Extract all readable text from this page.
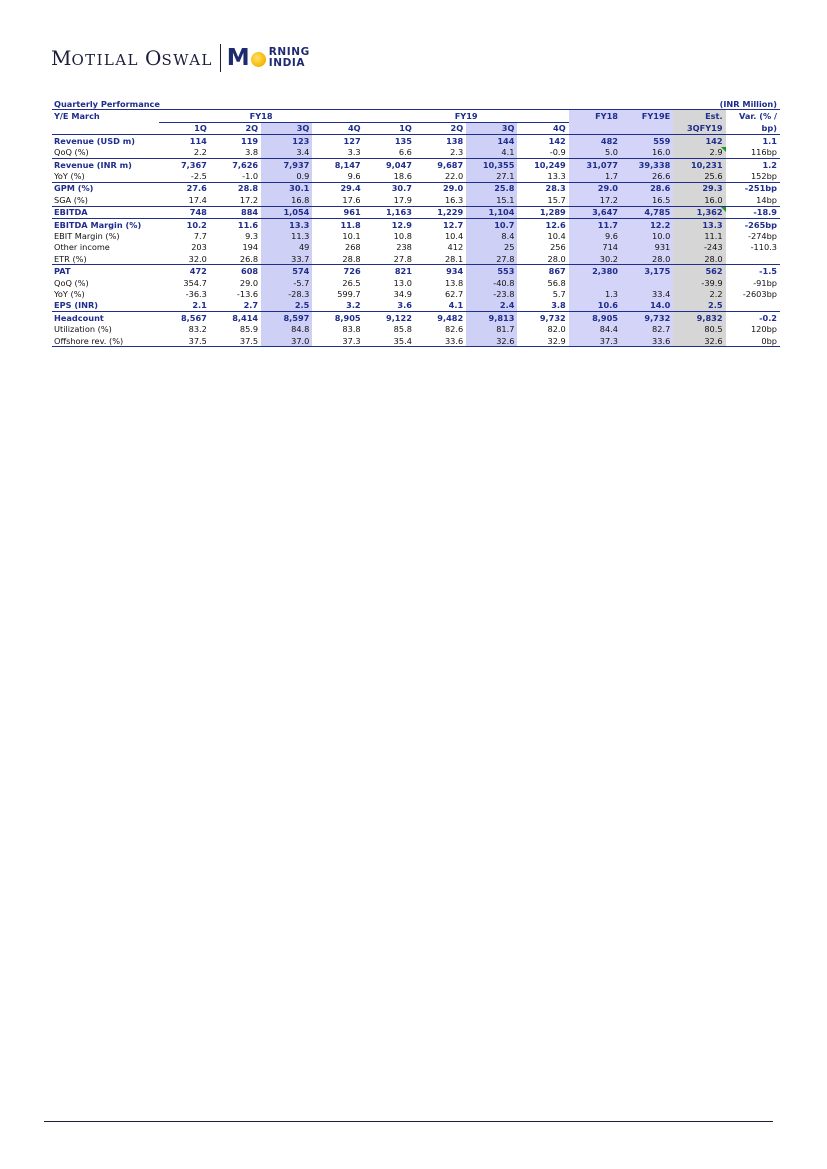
MOTILAL OSWAL M RNING
INDIA
Quarterly Performance									(INR Million)			
Y/E March	FY18				FY19				FY18	FY19E	Est.	Var. (% /
	1Q	2Q	3Q	4Q	1Q	2Q	3Q	4Q			3QFY19	bp)
Revenue (USD m)	114	119	123	127	135	138	144	142	482	559	142	1.1
QoQ (%)	2.2	3.8	3.4	3.3	6.6	2.3	4.1	-0.9	5.0	16.0	2.9	116bp
Revenue (INR m)	7,367	7,626	7,937	8,147	9,047	9,687	10,355	10,249	31,077	39,338	10,231	1.2
YoY (%)	-2.5	-1.0	0.9	9.6	18.6	22.0	27.1	13.3	1.7	26.6	25.6	152bp
GPM (%)	27.6	28.8	30.1	29.4	30.7	29.0	25.8	28.3	29.0	28.6	29.3	-251bp
SGA (%)	17.4	17.2	16.8	17.6	17.9	16.3	15.1	15.7	17.2	16.5	16.0	14bp
EBITDA	748	884	1,054	961	1,163	1,229	1,104	1,289	3,647	4,785	1,362	-18.9
EBITDA Margin (%)	10.2	11.6	13.3	11.8	12.9	12.7	10.7	12.6	11.7	12.2	13.3	-265bp
EBIT Margin (%)	7.7	9.3	11.3	10.1	10.8	10.4	8.4	10.4	9.6	10.0	11.1	-274bp
Other income	203	194	49	268	238	412	25	256	714	931	-243	-110.3
ETR (%)	32.0	26.8	33.7	28.8	27.8	28.1	27.8	28.0	30.2	28.0	28.0	
PAT	472	608	574	726	821	934	553	867	2,380	3,175	562	-1.5
QoQ (%)	354.7	29.0	-5.7	26.5	13.0	13.8	-40.8	56.8			-39.9	-91bp
YoY (%)	-36.3	-13.6	-28.3	599.7	34.9	62.7	-23.8	5.7	1.3	33.4	2.2	-2603bp
EPS (INR)	2.1	2.7	2.5	3.2	3.6	4.1	2.4	3.8	10.6	14.0	2.5	
Headcount	8,567	8,414	8,597	8,905	9,122	9,482	9,813	9,732	8,905	9,732	9,832	-0.2
Utilization (%)	83.2	85.9	84.8	83.8	85.8	82.6	81.7	82.0	84.4	82.7	80.5	120bp
Offshore rev. (%)	37.5	37.5	37.0	37.3	35.4	33.6	32.6	32.9	37.3	33.6	32.6	0bp
